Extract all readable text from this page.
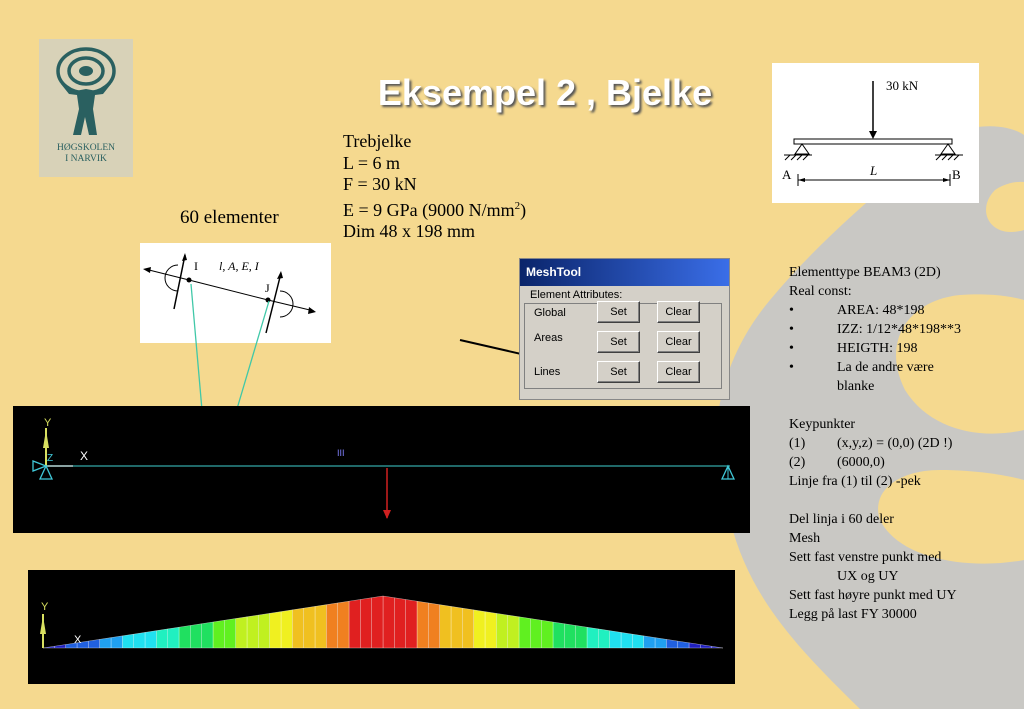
HØGSKOLEN
I NARVIK
Eksempel 2 , Bjelke
Trebjelke
L = 6 m
F = 30 kN
E = 9 GPa (9000 $N/mm^2$)
Dim 48 x 198 mm
60 elementer
30 kN
L
A	B
I
J
l, A, E, I	MeshTool
Element Attributes:
Global	Set	Clear
Areas	Set	Clear
Lines	Set	Clear
Elementtype BEAM3 (2D)
Real const:
•	AREA: 48*198
•	IZZ: 1/12*48*198**3
•	HEIGTH: 198
•	La de andre være
blanke
Keypunkter
(1) (x,y,z) = (0,0) (2D !)
(2) (6000,0)
Linje fra (1) til (2) -pek
Del linja i 60 deler
Mesh
Sett fast venstre punkt med
UX og UY
Sett fast høyre punkt med UY
Legg på last FY 30000
Y
Z X	III
Y
X
